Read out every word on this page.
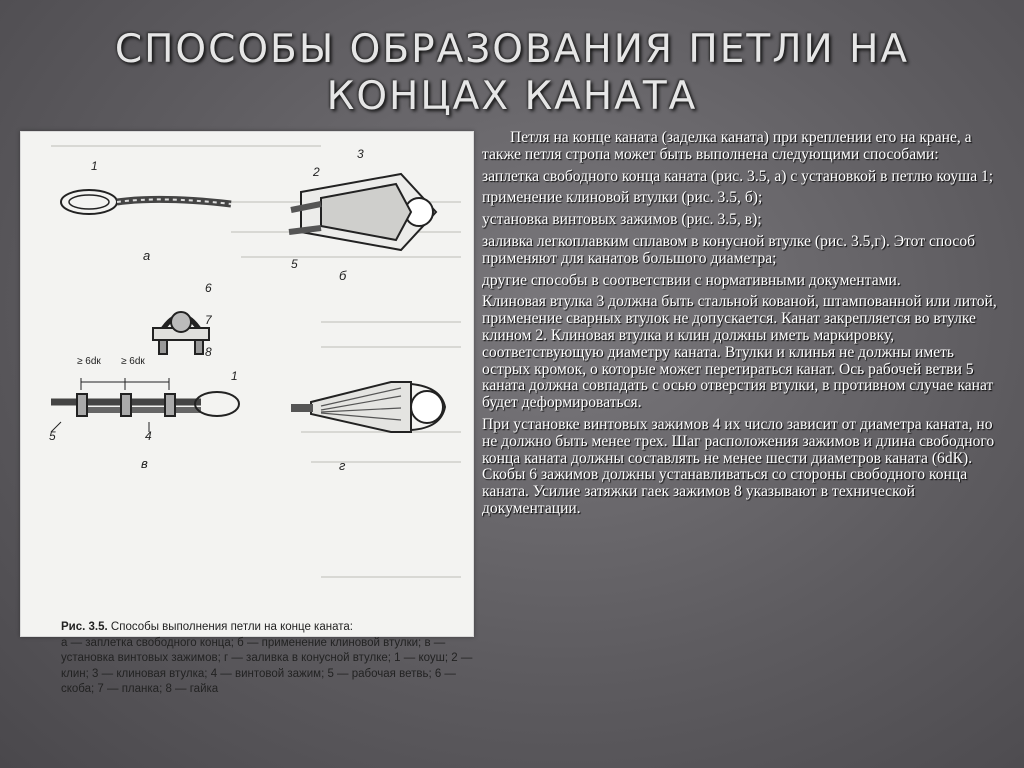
СПОСОБЫ ОБРАЗОВАНИЯ ПЕТЛИ НА
КОНЦАХ КАНАТА
1
а
2
3
5
б
6
7
8
≥ 6dк ≥ 6dк
1
5	4
в	г
Рис. 3.5. Способы выполнения петли на конце каната:
а — заплетка свободного конца; б — применение клиновой втулки; в — установка винтовых зажимов; г — заливка в конусной втулке; 1 — коуш; 2 — клин; 3 — клиновая втулка; 4 — винтовой зажим; 5 — рабочая ветвь; 6 — скоба; 7 — планка; 8 — гайка

Петля на конце каната (заделка каната) при креплении его на кране, а также петля стропа может быть выполнена следующими способами:

заплетка свободного конца каната (рис. 3.5, а) с установкой в петлю коуша 1;

применение клиновой втулки (рис. 3.5, б);

установка винтовых зажимов (рис. 3.5, в);

заливка легкоплавким сплавом в конусной втулке (рис. 3.5,г). Этот способ применяют для канатов большого диаметра;

другие способы в соответствии с нормативными документами.

Клиновая втулка 3 должна быть стальной кованой, штампованной или литой, применение сварных втулок не допускается. Канат закрепляется во втулке клином 2. Клиновая втулка и клин должны иметь маркировку, соответствующую диаметру каната. Втулки и клинья не должны иметь острых кромок, о которые может перетираться канат. Ось рабочей ветви 5 каната должна совпадать с осью отверстия втулки, в противном случае канат будет деформироваться.

При установке винтовых зажимов 4 их число зависит от диаметра каната, но не должно быть менее трех. Шаг расположения зажимов и длина свободного конца каната должны составлять не менее шести диаметров каната (6dК). Скобы 6 зажимов должны устанавливаться со стороны свободного конца каната. Усилие затяжки гаек зажимов 8 указывают в технической документации.
